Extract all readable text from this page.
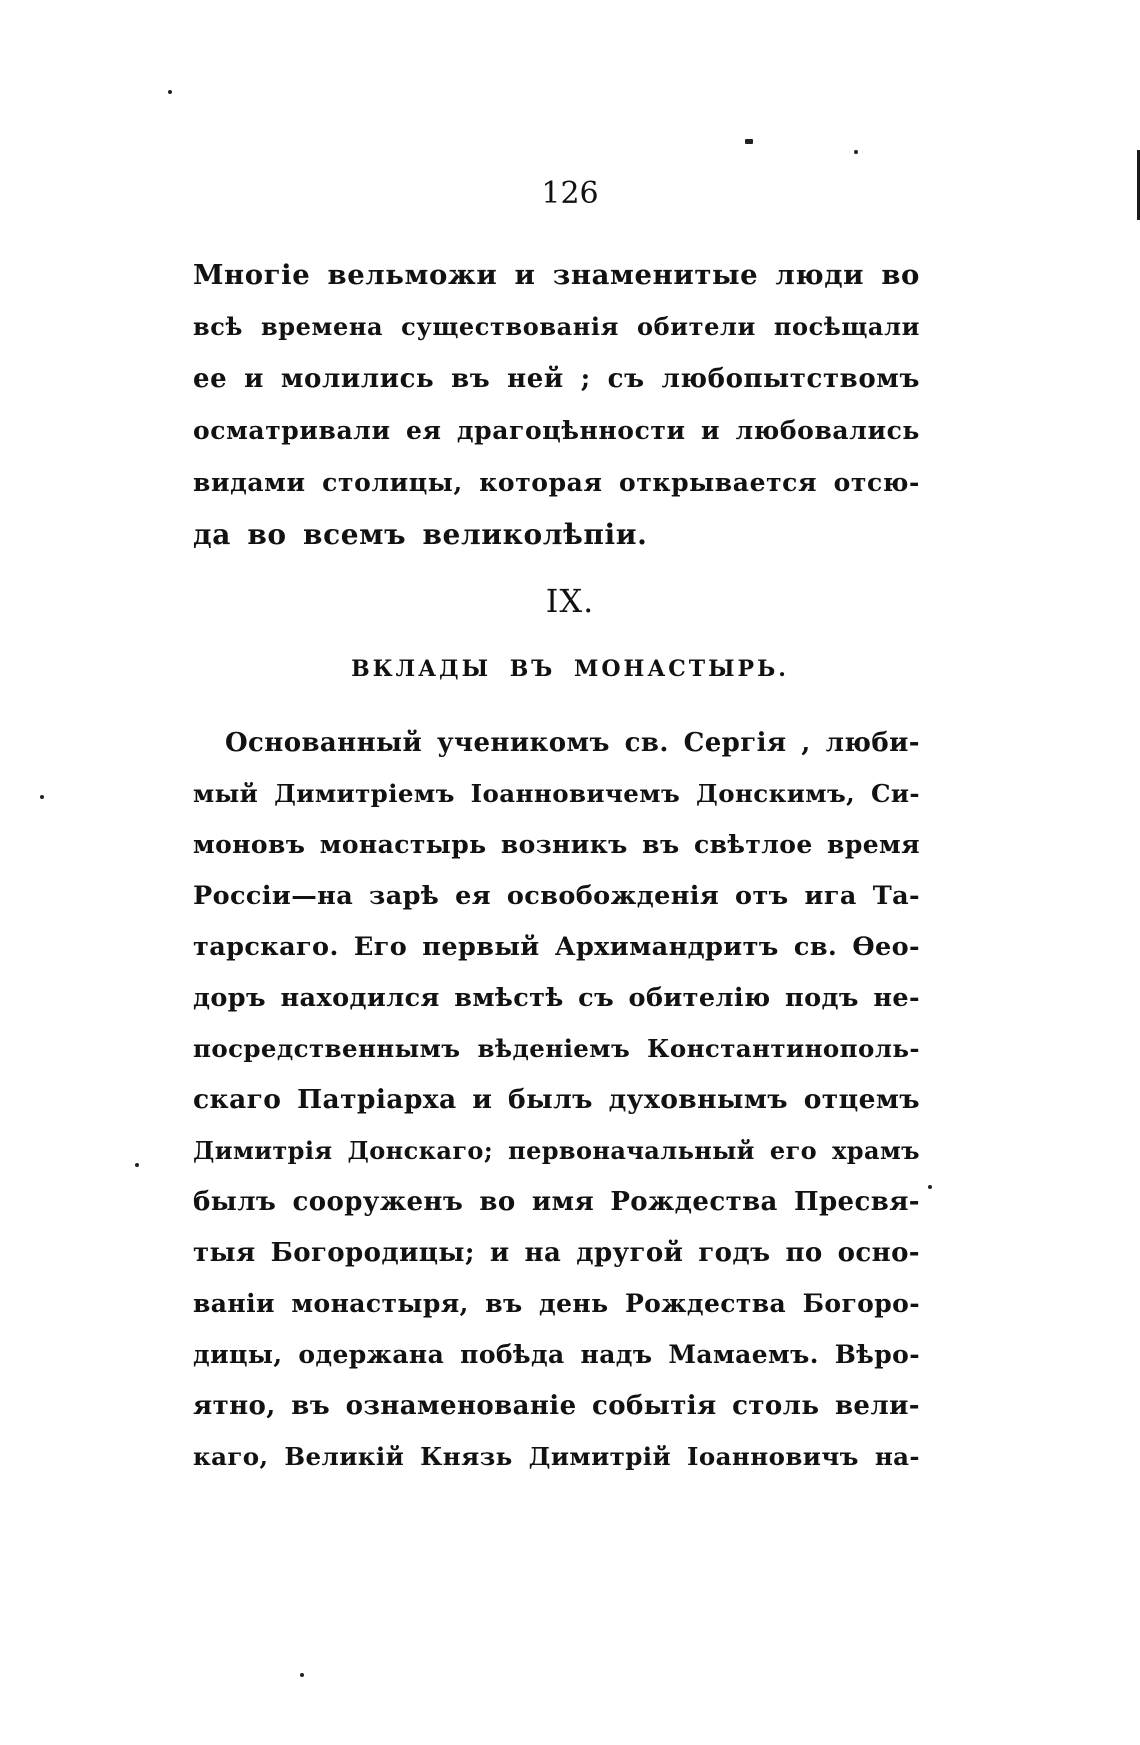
126
Многіе вельможи и знаменитые люди во
всѣ времена существованія обители посѣщали
ее и молились въ ней ; съ любопытствомъ
осматривали ея драгоцѣнности и любовались
видами столицы, которая открывается отсю-
да во всемъ великолѣпіи.
IX.
ВКЛАДЫ ВЪ МОНАСТЫРЬ.
Основанный ученикомъ св. Сергія , люби-
мый Димитріемъ Іоанновичемъ Донскимъ, Си-
моновъ монастырь возникъ въ свѣтлое время
Россіи—на зарѣ ея освобожденія отъ ига Та-
тарскаго. Его первый Архимандритъ св. Ѳео-
доръ находился вмѣстѣ съ обителію подъ не-
посредственнымъ вѣденіемъ Константинополь-
скаго Патріарха и былъ духовнымъ отцемъ
Димитрія Донскаго; первоначальный его храмъ
былъ сооруженъ во имя Рождества Пресвя-
тыя Богородицы; и на другой годъ по осно-
ваніи монастыря, въ день Рождества Богоро-
дицы, одержана побѣда надъ Мамаемъ. Вѣро-
ятно, въ ознаменованіе событія столь вели-
каго, Великій Князь Димитрій Іоанновичъ на-
